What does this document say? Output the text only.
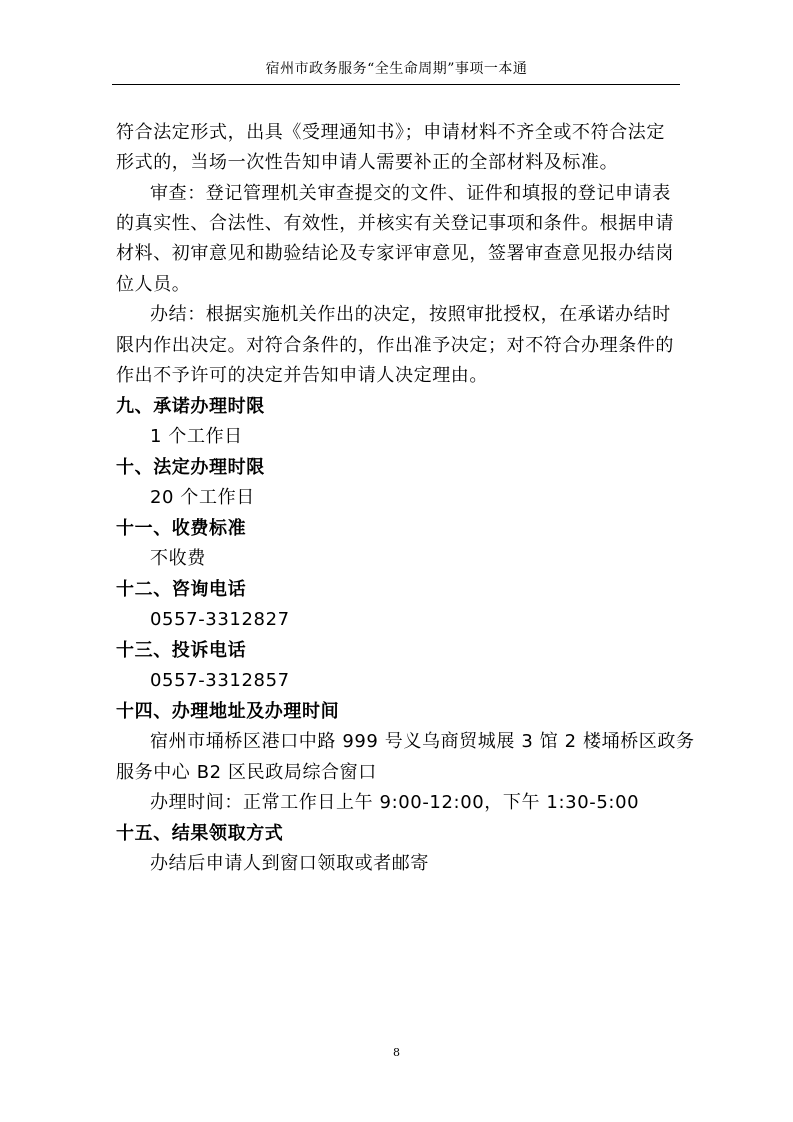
宿州市政务服务“全生命周期”事项一本通
符合法定形式，出具《受理通知书》；申请材料不齐全或不符合法定
形式的，当场一次性告知申请人需要补正的全部材料及标准。
审查：登记管理机关审查提交的文件、证件和填报的登记申请表
的真实性、合法性、有效性，并核实有关登记事项和条件。根据申请
材料、初审意见和勘验结论及专家评审意见，签署审查意见报办结岗
位人员。
办结：根据实施机关作出的决定，按照审批授权，在承诺办结时
限内作出决定。对符合条件的，作出准予决定；对不符合办理条件的
作出不予许可的决定并告知申请人决定理由。
九、承诺办理时限
1 个工作日
十、法定办理时限
20 个工作日
十一、收费标准
不收费
十二、咨询电话
0557-3312827
十三、投诉电话
0557-3312857
十四、办理地址及办理时间
宿州市埇桥区港口中路 999 号义乌商贸城展 3 馆 2 楼埇桥区政务
服务中心 B2 区民政局综合窗口
办理时间：正常工作日上午 9:00-12:00，下午 1:30-5:00
十五、结果领取方式
办结后申请人到窗口领取或者邮寄
8
